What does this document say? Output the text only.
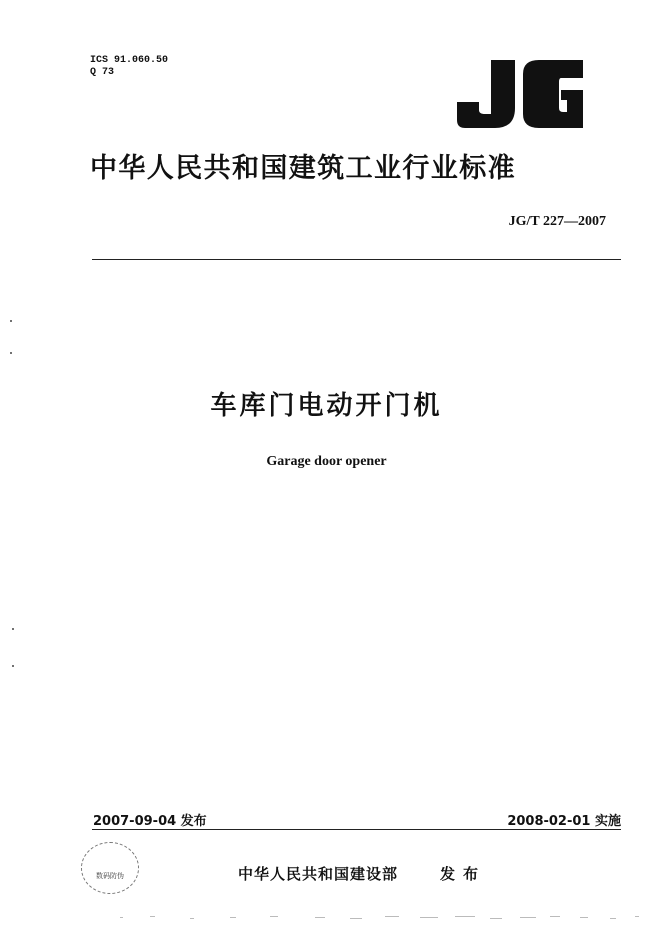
ICS 91.060.50
Q 73
中华人民共和国建筑工业行业标准
JG/T 227—2007
车库门电动开门机
Garage door opener
2007-09-04 发布	2008-02-01 实施
数码防伪	中华人民共和国建设部	发布
